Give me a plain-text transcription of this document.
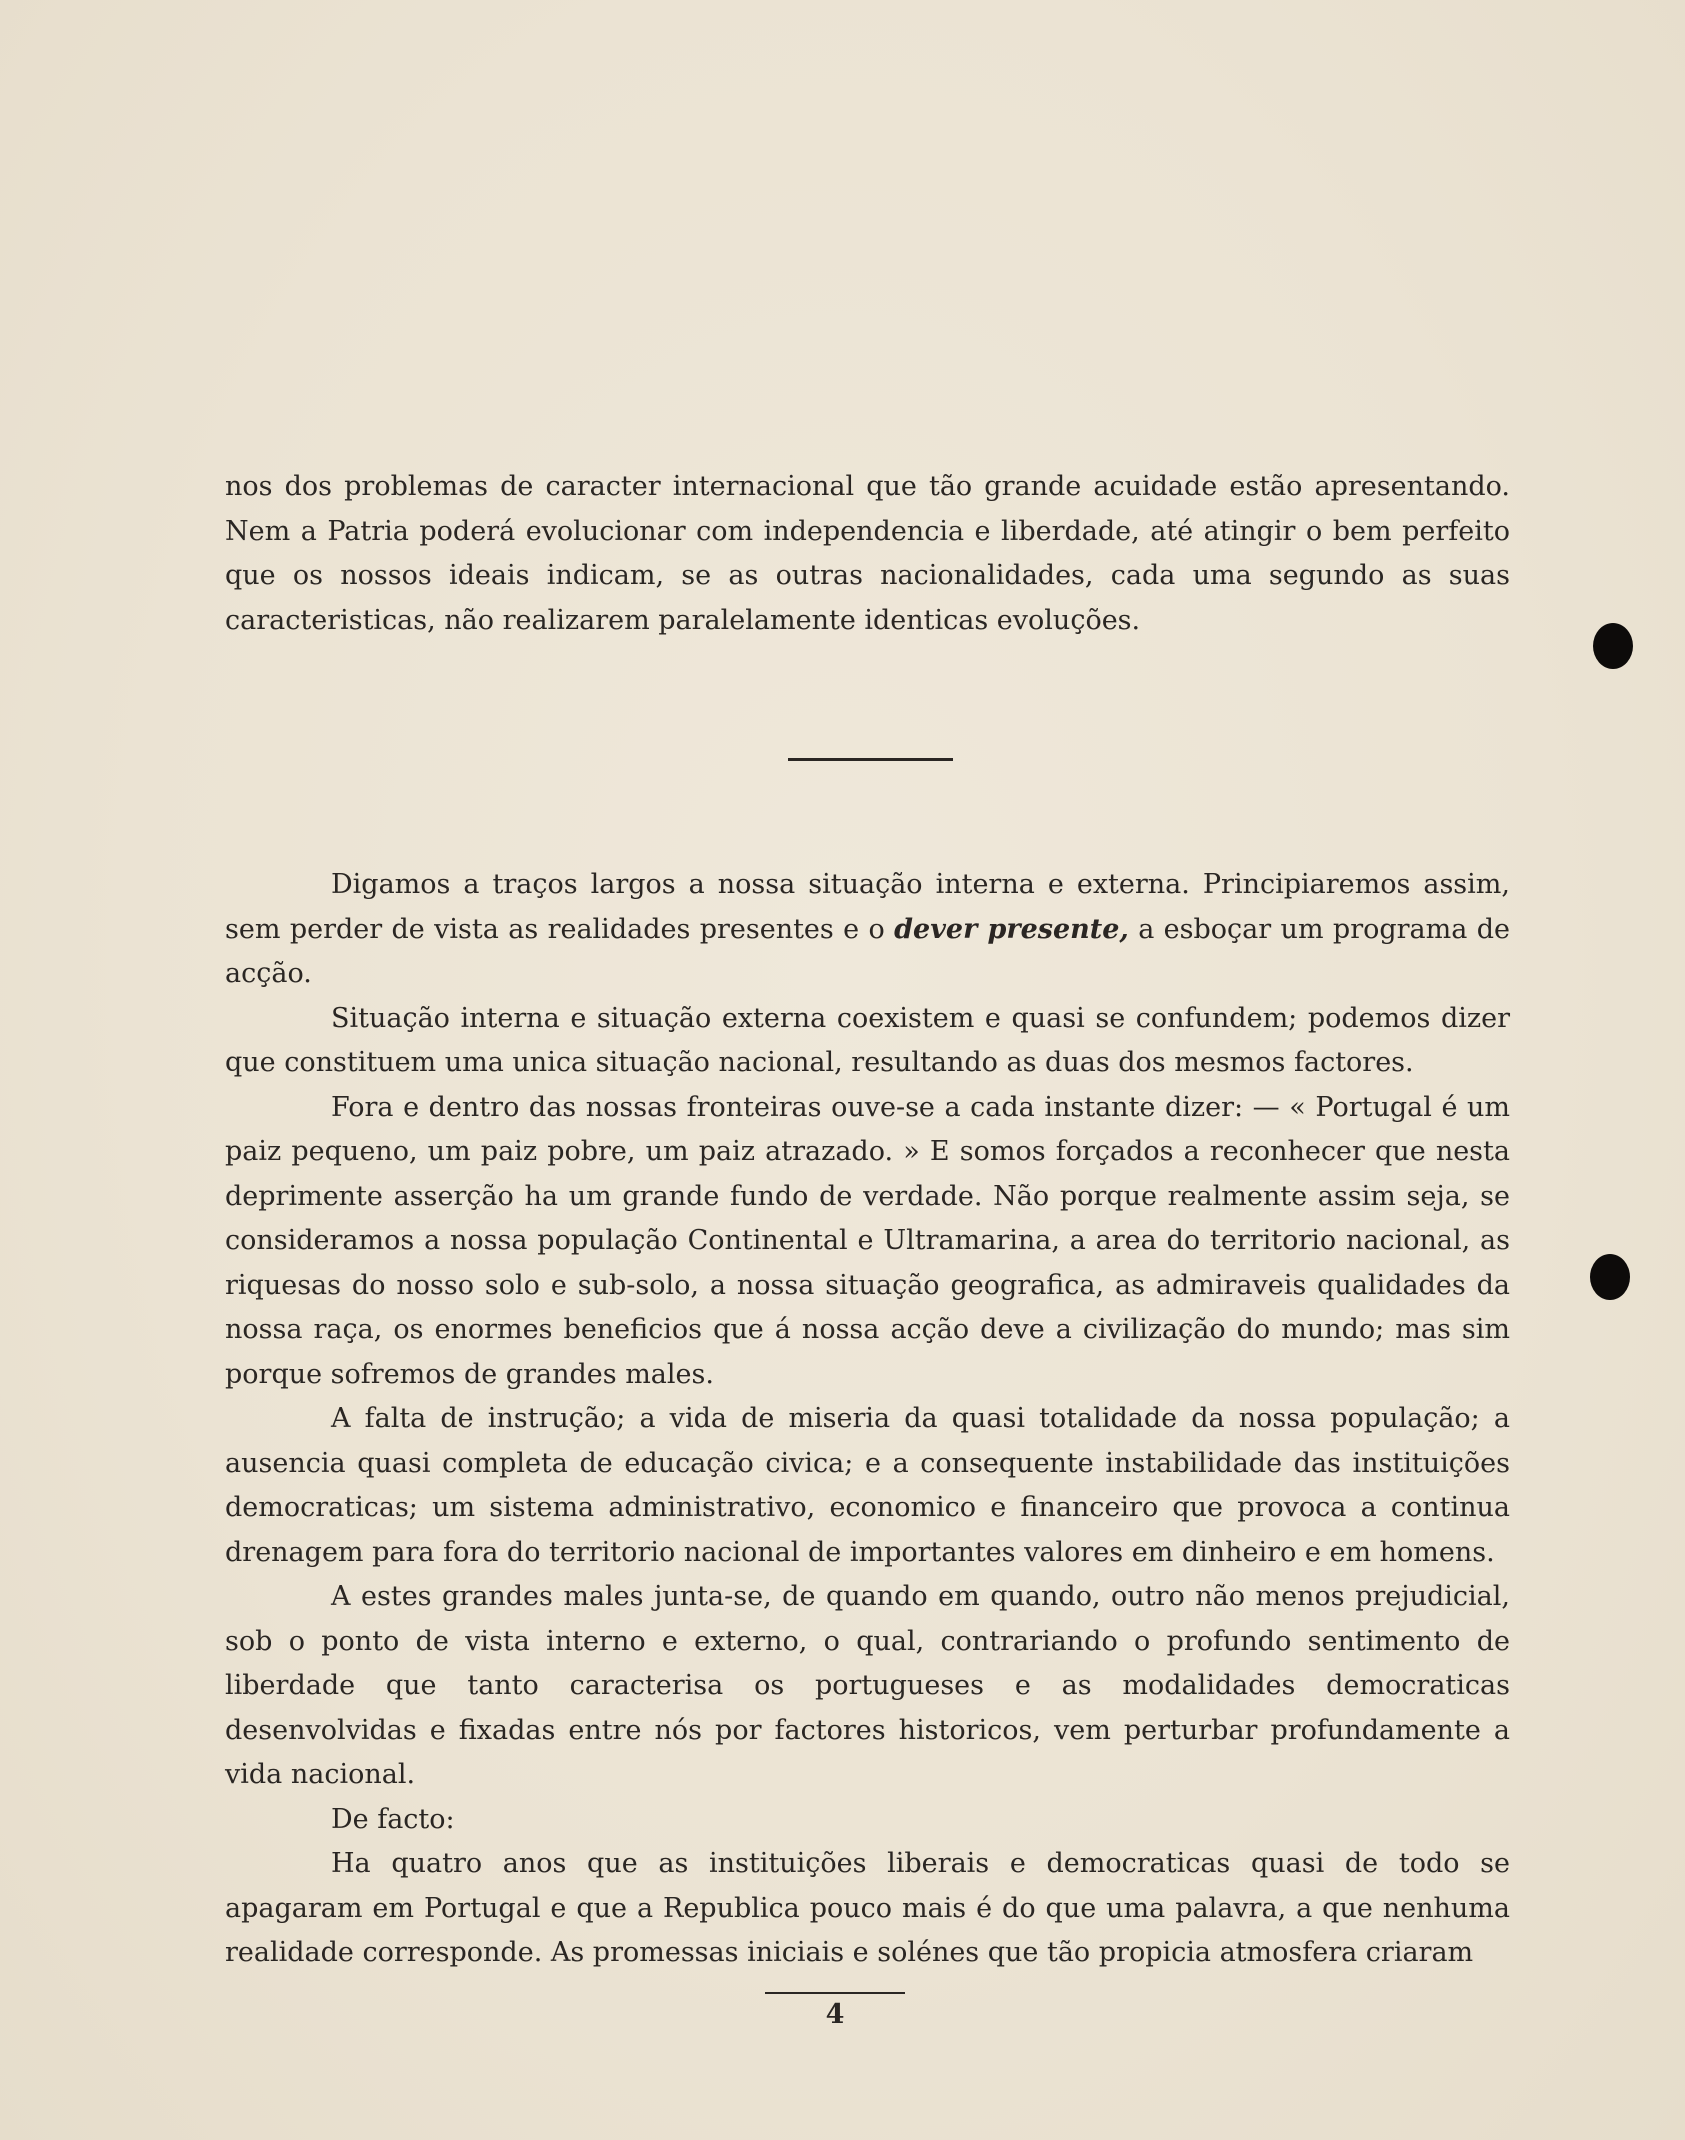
nos dos problemas de caracter internacional que tão grande acuidade estão apresentando. Nem a Patria poderá evolucionar com independencia e liberdade, até atingir o bem perfeito que os nossos ideais indicam, se as outras nacionalidades, cada uma segundo as suas caracteristicas, não realizarem paralelamente identicas evoluções.

Digamos a traços largos a nossa situação interna e externa. Principiaremos assim, sem perder de vista as realidades presentes e o dever presente, a esboçar um programa de acção.

Situação interna e situação externa coexistem e quasi se confundem; podemos dizer que constituem uma unica situação nacional, resultando as duas dos mesmos factores.

Fora e dentro das nossas fronteiras ouve-se a cada instante dizer: — « Portugal é um paiz pequeno, um paiz pobre, um paiz atrazado. » E somos forçados a reconhecer que nesta deprimente asserção ha um grande fundo de verdade. Não porque realmente assim seja, se consideramos a nossa população Continental e Ultramarina, a area do territorio nacional, as riquesas do nosso solo e sub-solo, a nossa situação geografica, as admiraveis qualidades da nossa raça, os enormes beneficios que á nossa acção deve a civilização do mundo; mas sim porque sofremos de grandes males.

A falta de instrução; a vida de miseria da quasi totalidade da nossa população; a ausencia quasi completa de educação civica; e a consequente instabilidade das instituições democraticas; um sistema administrativo, economico e financeiro que provoca a continua drenagem para fora do territorio nacional de importantes valores em dinheiro e em homens.

A estes grandes males junta-se, de quando em quando, outro não menos prejudicial, sob o ponto de vista interno e externo, o qual, contrariando o profundo sentimento de liberdade que tanto caracterisa os portugueses e as modalidades democraticas desenvolvidas e fixadas entre nós por factores historicos, vem perturbar profundamente a vida nacional.

De facto:

Ha quatro anos que as instituições liberais e democraticas quasi de todo se apagaram em Portugal e que a Republica pouco mais é do que uma palavra, a que nenhuma realidade corresponde. As promessas iniciais e solénes que tão propicia atmosfera criaram

4
